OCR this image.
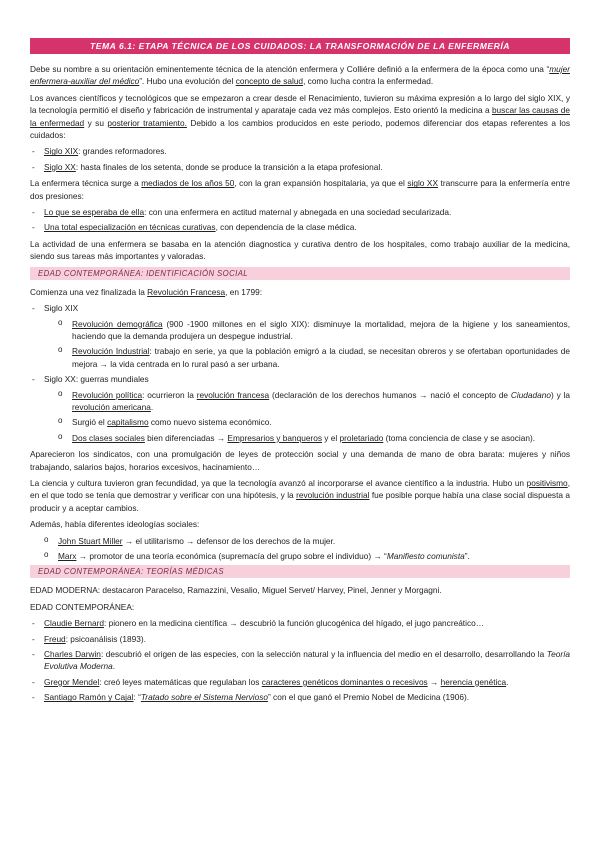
TEMA 6.1: ETAPA TÉCNICA DE LOS CUIDADOS: LA TRANSFORMACIÓN DE LA ENFERMERÍA

Debe su nombre a su orientación eminentemente técnica de la atención enfermera y Colliére definió a la enfermera de la época como una “mujer enfermera-auxiliar del médico”. Hubo una evolución del concepto de salud, como lucha contra la enfermedad.

Los avances científicos y tecnológicos que se empezaron a crear desde el Renacimiento, tuvieron su máxima expresión a lo largo del siglo XIX, y la tecnología permitió el diseño y fabricación de instrumental y aparataje cada vez más complejos. Esto orientó la medicina a buscar las causas de la enfermedad y su posterior tratamiento. Debido a los cambios producidos en este periodo, podemos diferenciar dos etapas referentes a los cuidados:

- Siglo XIX: grandes reformadores.
- Siglo XX: hasta finales de los setenta, donde se produce la transición a la etapa profesional.

La enfermera técnica surge a mediados de los años 50, con la gran expansión hospitalaria, ya que el siglo XX transcurre para la enfermería entre dos presiones:

- Lo que se esperaba de ella: con una enfermera en actitud maternal y abnegada en una sociedad secularizada.
- Una total especialización en técnicas curativas, con dependencia de la clase médica.

La actividad de una enfermera se basaba en la atención diagnostica y curativa dentro de los hospitales, como trabajo auxiliar de la medicina, siendo sus tareas más importantes y valoradas.

EDAD CONTEMPORÁNEA: IDENTIFICACIÓN SOCIAL

Comienza una vez finalizada la Revolución Francesa, en 1799:

- Siglo XIX
o Revolución demográfica (900 -1900 millones en el siglo XIX): disminuye la mortalidad, mejora de la higiene y los saneamientos, haciendo que la demanda produjera un despegue industrial.
o Revolución Industrial: trabajo en serie, ya que la población emigró a la ciudad, se necesitan obreros y se ofertaban oportunidades de mejora → la vida centrada en lo rural pasó a ser urbana.
- Siglo XX: guerras mundiales
o Revolución política: ocurrieron la revolución francesa (declaración de los derechos humanos → nació el concepto de Ciudadano) y la revolución americana.
o Surgió el capitalismo como nuevo sistema económico.
o Dos clases sociales bien diferenciadas → Empresarios y banqueros y el proletariado (toma conciencia de clase y se asocian).

Aparecieron los sindicatos, con una promulgación de leyes de protección social y una demanda de mano de obra barata: mujeres y niños trabajando, salarios bajos, horarios excesivos, hacinamiento…

La ciencia y cultura tuvieron gran fecundidad, ya que la tecnología avanzó al incorporarse el avance científico a la industria. Hubo un positivismo, en el que todo se tenía que demostrar y verificar con una hipótesis, y la revolución industrial fue posible porque había una clase social dispuesta a producir y a aceptar cambios.

Además, había diferentes ideologías sociales:

o John Stuart Miller → el utilitarismo → defensor de los derechos de la mujer.
o Marx → promotor de una teoría económica (supremacía del grupo sobre el individuo) → “Manifiesto comunista”.
EDAD CONTEMPORÁNEA: TEORÍAS MÉDICAS

EDAD MODERNA: destacaron Paracelso, Ramazzini, Vesalio, Miguel Servet/ Harvey, Pinel, Jenner y Morgagni.

EDAD CONTEMPORÁNEA:

- Claudie Bernard: pionero en la medicina científica → descubrió la función glucogénica del hígado, el jugo pancreático…
- Freud: psicoanálisis (1893).
- Charles Darwin: descubrió el origen de las especies, con la selección natural y la influencia del medio en el desarrollo, desarrollando la Teoría Evolutiva Moderna.
- Gregor Mendel: creó leyes matemáticas que regulaban los caracteres genéticos dominantes o recesivos → herencia genética.
- Santiago Ramón y Cajal: “Tratado sobre el Sistema Nervioso” con el que ganó el Premio Nobel de Medicina (1906).
